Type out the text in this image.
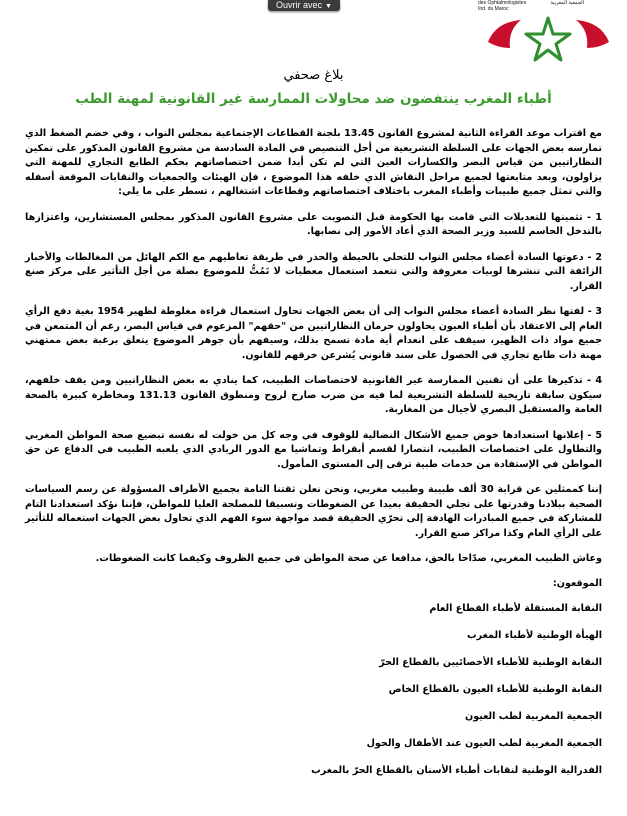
Ouvrir avec ▼	des Ophtalmologistes Ind. du Maroc
الجمعية المغربية
بلاغ صحفي
أطباء المغرب ينتفضون ضد محاولات الممارسة غير القانونية لمهنة الطب

مع اقتراب موعد القراءة الثانية لمشروع القانون 13.45 بلجنة القطاعات الإجتماعية بمجلس النواب ، وفي خضم الضغط الذي تمارسه بعض الجهات على السلطة التشريعية من أجل التنصيص في المادة السادسة من مشروع القانون المذكور على تمكين النظاراتيين من قياس البصر والكسارات العين التي لم تكن أبدا ضمن اختصاصاتهم بحكم الطابع التجاري للمهنة التي يزاولون، وبعد متابعتها لجميع مراحل النقاش الذي خلفه هذا الموضوع ، فإن الهيئات والجمعيات والنقابات الموقعة أسفله والتي تمثل جميع طبيبات وأطباء المغرب باختلاف اختصاصاتهم وقطاعات اشتغالهم ، تسطر على ما يلي:

1 - تثمينها للتعديلات التي قامت بها الحكومة قبل التصويت على مشروع القانون المذكور بمجلس المستشارين، واعتزازها بالتدخل الحاسم للسيد وزير الصحة الذي أعاد الأمور إلى نصابها.

2 - دعوتها السادة أعضاء مجلس النواب للتحلي بالحيطة والحذر في طريقة تعاطيهم مع الكم الهائل من المغالطات والأخبار الزائفة التي تنشرها لوبيات معروفة والتي تتعمد استعمال معطيات لا تَمُتُّ للموضوع بصلة من أجل التأثير على مركز صنع القرار.

3 - لفتها نظر السادة أعضاء مجلس النواب إلى أن بعض الجهات تحاول استعمال قراءة مغلوطة لظهير 1954 بغية دفع الرأي العام إلى الاعتقاد بأن أطباء العيون يحاولون حرمان النظاراتيين من "حقهم" المزعوم في قياس البصر، رغم أن المتمعن في جميع مواد ذات الظهير، سيقف على انعدام أية مادة تسمح بذلك، وسيفهم بأن جوهر الموضوع يتعلق برغبة بعض ممتهني مهنة ذات طابع تجاري في الحصول على سند قانوني يُشرعن خرقهم للقانون.

4 - تذكيرها على أن تقنين الممارسة غير القانونية لاختصاصات الطبيب، كما ينادي به بعض النظاراتيين ومن يقف خلفهم، سيكون سابقة تاريخية للسلطة التشريعية لما فيه من ضرب صارخ لروح ومنطوق القانون 131.13 ومخاطرة كبيرة بالصحة العامة والمستقبل البصري لأجيال من المغاربة.

5 - إعلانها استعدادها خوض جميع الأشكال النضالية للوقوف في وجه كل من خولت له نفسه تبضيع صحة المواطن المغربي والتطاول على اختصاصات الطبيب، انتصارا لقسم أبقراط وتماشيا مع الدور الريادي الذي يلعبه الطبيب في الدفاع عن حق المواطن في الإستفادة من خدمات طبية ترقى إلى المستوى المأمول.

إننا كممثلين عن قرابة 30 ألف طبيبة وطبيب مغربي، ونحن نعلن ثقتنا التامة بجميع الأطراف المسؤولة عن رسم السياسات الصحية ببلادنا وقدرتها على تجلي الحقيقة بعيدا عن الضغوطات وتسبيقا للمصلحة العليا للمواطن، فإننا نؤكد استعدادنا التام للمشاركة في جميع المبادرات الهادفة إلى تحرّي الحقيقة قصد مواجهة سوء الفهم الذي تحاول بعض الجهات استعماله للتأثير على الرأي العام وكذا مراكز صنع القرار.

وعاش الطبيب المغربي، صدّاحا بالحق، مدافعا عن صحة المواطن في جميع الظروف وكيفما كانت الضغوطات.

الموقعون:
النقابة المستقلة لأطباء القطاع العام
الهيأة الوطنية لأطباء المغرب
النقابة الوطنية للأطباء الأخصائيين بالقطاع الحرّ
النقابة الوطنية للأطباء العيون بالقطاع الخاص
الجمعية المغربية لطب العيون
الجمعية المغربية لطب العيون عند الأطفال والحول
الفدرالية الوطنية لنقابات أطباء الأسنان بالقطاع الحرّ بالمغرب
